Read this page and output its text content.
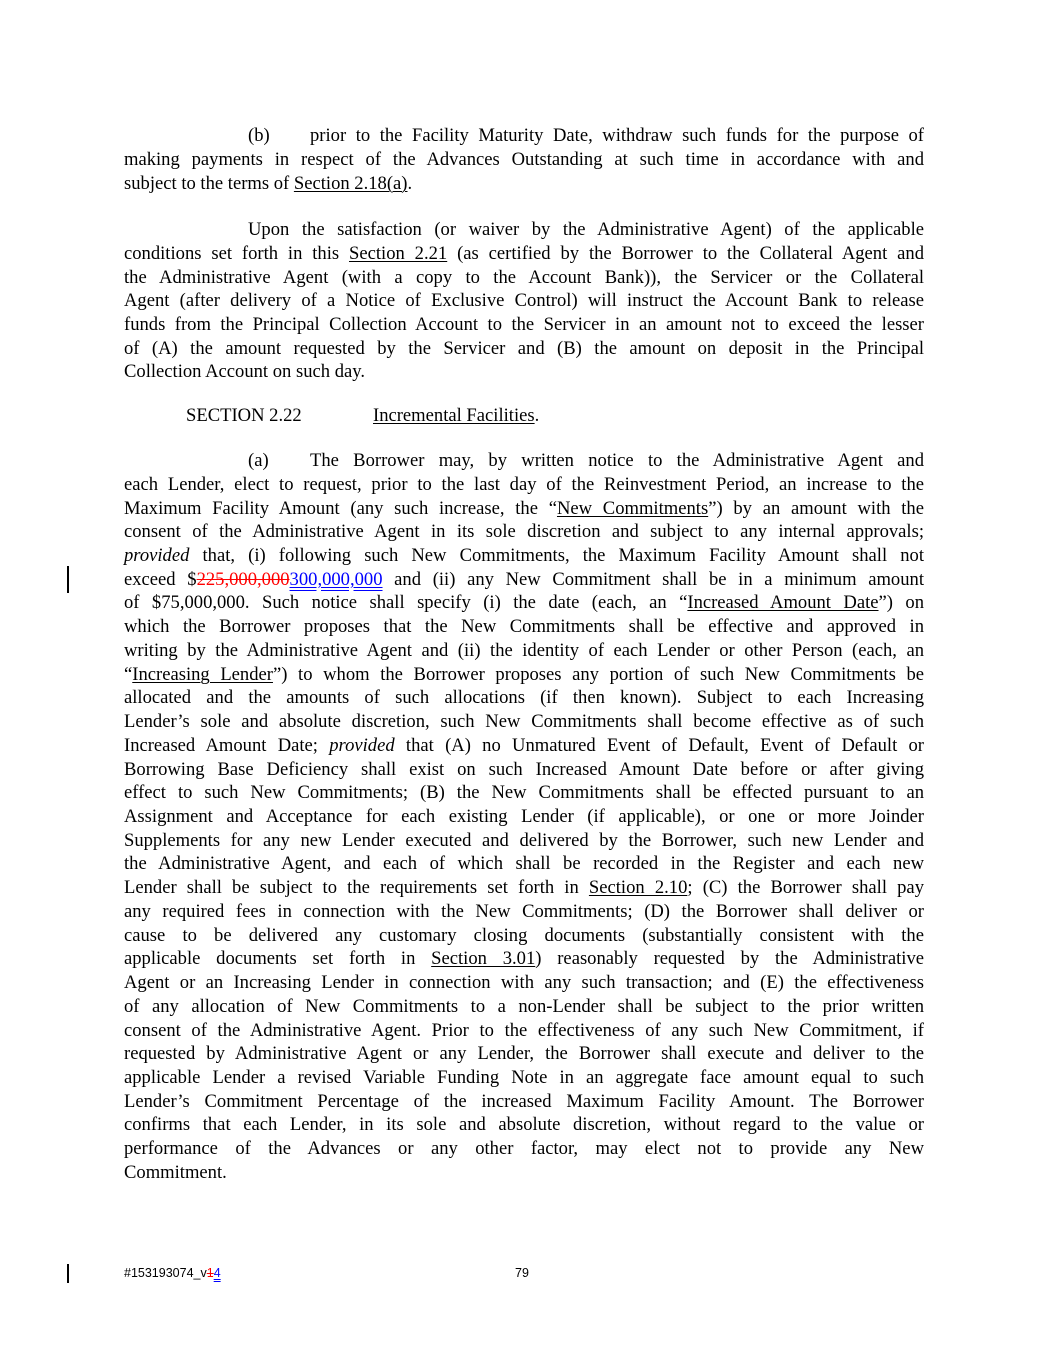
(b) prior to the Facility Maturity Date, withdraw such funds for the purpose of
making payments in respect of the Advances Outstanding at such time in accordance with and
subject to the terms of Section 2.18(a).
Upon the satisfaction (or waiver by the Administrative Agent) of the applicable
conditions set forth in this Section 2.21 (as certified by the Borrower to the Collateral Agent and
the Administrative Agent (with a copy to the Account Bank)), the Servicer or the Collateral
Agent (after delivery of a Notice of Exclusive Control) will instruct the Account Bank to release
funds from the Principal Collection Account to the Servicer in an amount not to exceed the lesser
of (A) the amount requested by the Servicer and (B) the amount on deposit in the Principal
Collection Account on such day.
SECTION 2.22	Incremental Facilities.
(a) The Borrower may, by written notice to the Administrative Agent and
each Lender, elect to request, prior to the last day of the Reinvestment Period, an increase to the
Maximum Facility Amount (any such increase, the “New Commitments”) by an amount with the
consent of the Administrative Agent in its sole discretion and subject to any internal approvals;
provided that, (i) following such New Commitments, the Maximum Facility Amount shall not
exceed $225,000,000300,000,000 and (ii) any New Commitment shall be in a minimum amount
of $75,000,000. Such notice shall specify (i) the date (each, an “Increased Amount Date”) on
which the Borrower proposes that the New Commitments shall be effective and approved in
writing by the Administrative Agent and (ii) the identity of each Lender or other Person (each, an
“Increasing Lender”) to whom the Borrower proposes any portion of such New Commitments be
allocated and the amounts of such allocations (if then known). Subject to each Increasing
Lender’s sole and absolute discretion, such New Commitments shall become effective as of such
Increased Amount Date; provided that (A) no Unmatured Event of Default, Event of Default or
Borrowing Base Deficiency shall exist on such Increased Amount Date before or after giving
effect to such New Commitments; (B) the New Commitments shall be effected pursuant to an
Assignment and Acceptance for each existing Lender (if applicable), or one or more Joinder
Supplements for any new Lender executed and delivered by the Borrower, such new Lender and
the Administrative Agent, and each of which shall be recorded in the Register and each new
Lender shall be subject to the requirements set forth in Section 2.10; (C) the Borrower shall pay
any required fees in connection with the New Commitments; (D) the Borrower shall deliver or
cause to be delivered any customary closing documents (substantially consistent with the
applicable documents set forth in Section 3.01) reasonably requested by the Administrative
Agent or an Increasing Lender in connection with any such transaction; and (E) the effectiveness
of any allocation of New Commitments to a non-Lender shall be subject to the prior written
consent of the Administrative Agent. Prior to the effectiveness of any such New Commitment, if
requested by Administrative Agent or any Lender, the Borrower shall execute and deliver to the
applicable Lender a revised Variable Funding Note in an aggregate face amount equal to such
Lender’s Commitment Percentage of the increased Maximum Facility Amount. The Borrower
confirms that each Lender, in its sole and absolute discretion, without regard to the value or
performance of the Advances or any other factor, may elect not to provide any New
Commitment.
#153193074_v14	79
